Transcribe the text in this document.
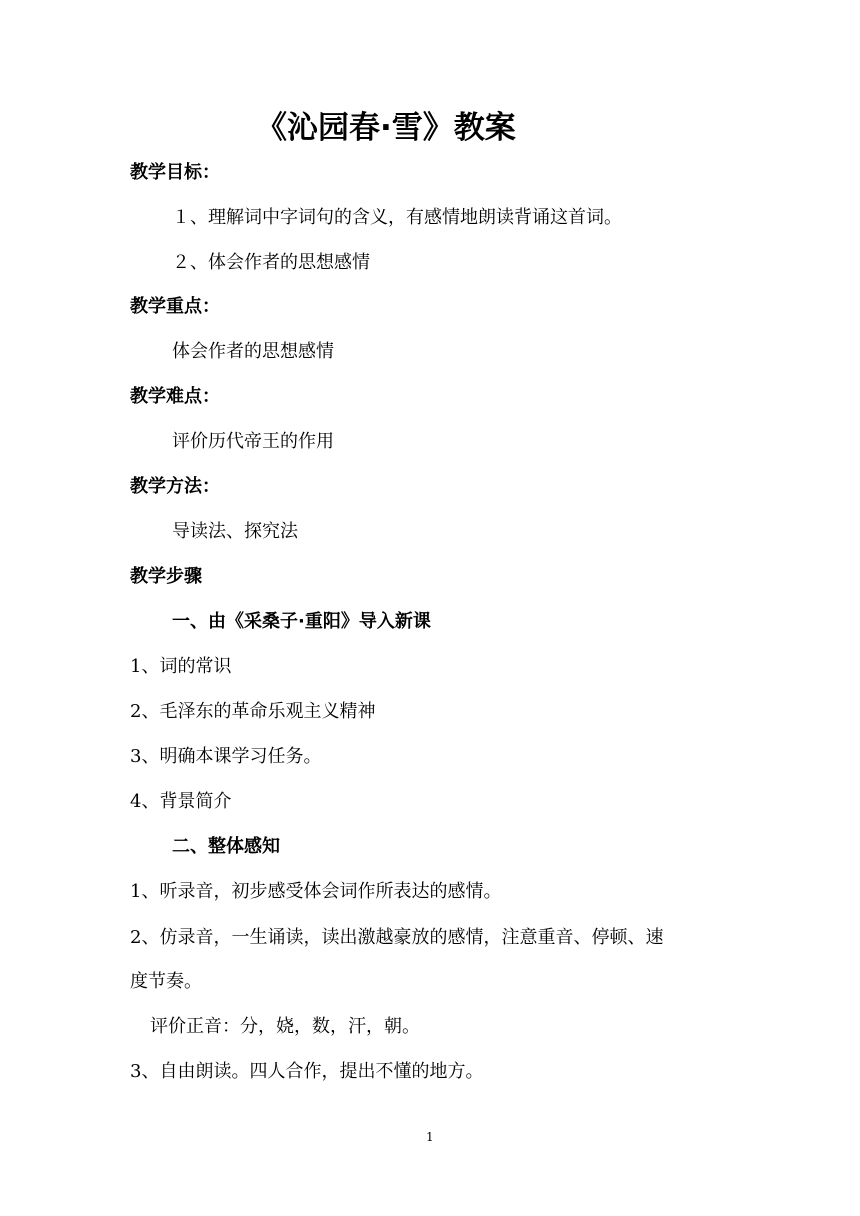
《沁园春·雪》教案
教学目标：
１、理解词中字词句的含义，有感情地朗读背诵这首词。
２、体会作者的思想感情
教学重点：
体会作者的思想感情
教学难点：
评价历代帝王的作用
教学方法：
导读法、探究法
教学步骤
一、由《采桑子·重阳》导入新课
1、词的常识
2、毛泽东的革命乐观主义精神
3、明确本课学习任务。
4、背景简介
二、整体感知
1、听录音，初步感受体会词作所表达的感情。
2、仿录音，一生诵读，读出激越豪放的感情，注意重音、停顿、速
度节奏。
评价正音：分，娆，数，汗，朝。
3、自由朗读。四人合作，提出不懂的地方。
1
